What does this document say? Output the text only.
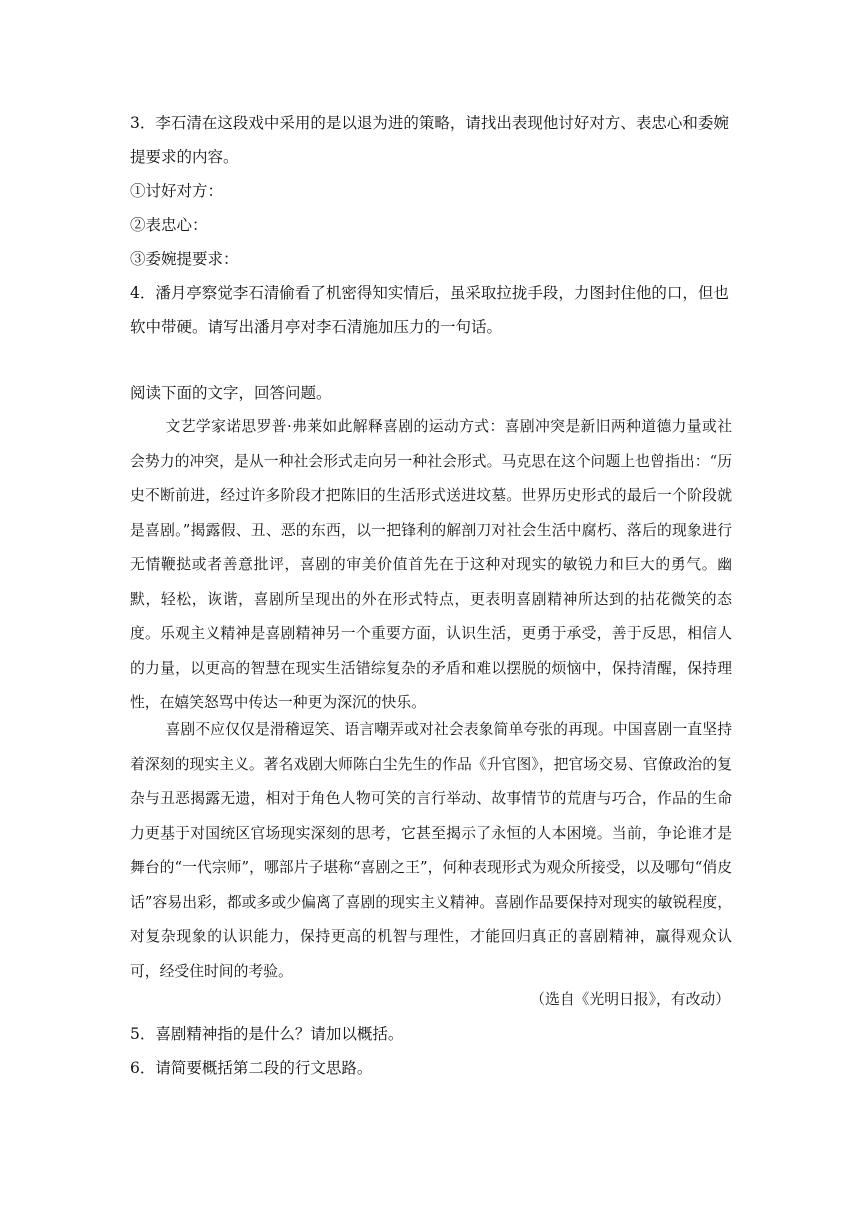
3．李石清在这段戏中采用的是以退为进的策略，请找出表现他讨好对方、表忠心和委婉提要求的内容。

①讨好对方：

②表忠心：

③委婉提要求：

4．潘月亭察觉李石清偷看了机密得知实情后，虽采取拉拢手段，力图封住他的口，但也软中带硬。请写出潘月亭对李石清施加压力的一句话。

阅读下面的文字，回答问题。

文艺学家诺思罗普·弗莱如此解释喜剧的运动方式：喜剧冲突是新旧两种道德力量或社会势力的冲突，是从一种社会形式走向另一种社会形式。马克思在这个问题上也曾指出：“历史不断前进，经过许多阶段才把陈旧的生活形式送进坟墓。世界历史形式的最后一个阶段就是喜剧。”揭露假、丑、恶的东西，以一把锋利的解剖刀对社会生活中腐朽、落后的现象进行无情鞭挞或者善意批评，喜剧的审美价值首先在于这种对现实的敏锐力和巨大的勇气。幽默，轻松，诙谐，喜剧所呈现出的外在形式特点，更表明喜剧精神所达到的拈花微笑的态度。乐观主义精神是喜剧精神另一个重要方面，认识生活，更勇于承受，善于反思，相信人的力量，以更高的智慧在现实生活错综复杂的矛盾和难以摆脱的烦恼中，保持清醒，保持理性，在嬉笑怒骂中传达一种更为深沉的快乐。

喜剧不应仅仅是滑稽逗笑、语言嘲弄或对社会表象简单夸张的再现。中国喜剧一直坚持着深刻的现实主义。著名戏剧大师陈白尘先生的作品《升官图》，把官场交易、官僚政治的复杂与丑恶揭露无遗，相对于角色人物可笑的言行举动、故事情节的荒唐与巧合，作品的生命力更基于对国统区官场现实深刻的思考，它甚至揭示了永恒的人本困境。当前，争论谁才是舞台的“一代宗师”，哪部片子堪称“喜剧之王”，何种表现形式为观众所接受，以及哪句“俏皮话”容易出彩，都或多或少偏离了喜剧的现实主义精神。喜剧作品要保持对现实的敏锐程度，对复杂现象的认识能力，保持更高的机智与理性，才能回归真正的喜剧精神，赢得观众认可，经受住时间的考验。

（选自《光明日报》，有改动）

5．喜剧精神指的是什么？请加以概括。

6．请简要概括第二段的行文思路。
